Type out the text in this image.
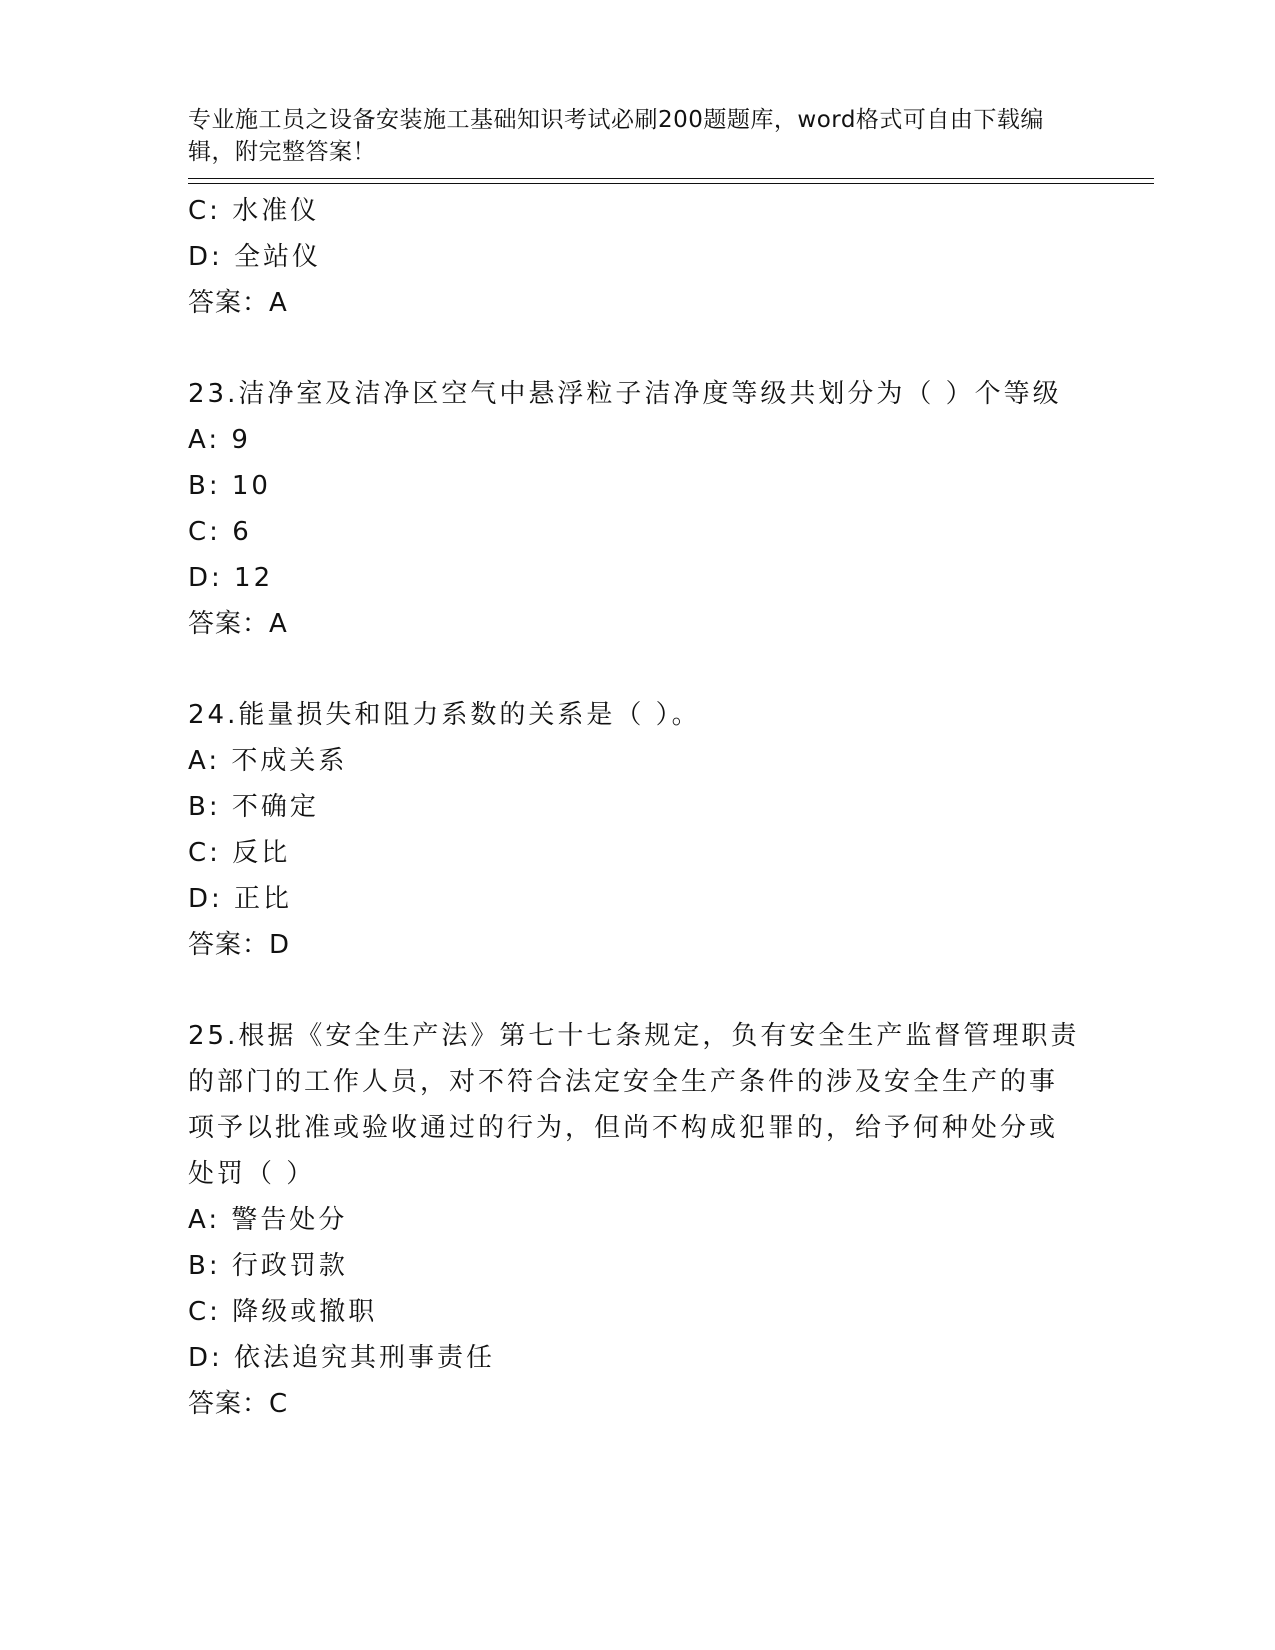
专业施工员之设备安装施工基础知识考试必刷200题题库，word格式可自由下载编辑，附完整答案！

C: 水准仪
D: 全站仪
答案：A
23.洁净室及洁净区空气中悬浮粒子洁净度等级共划分为（ ）个等级
A: 9
B: 10
C: 6
D: 12
答案：A
24.能量损失和阻力系数的关系是（ ）。
A: 不成关系
B: 不确定
C: 反比
D: 正比
答案：D
25.根据《安全生产法》第七十七条规定，负有安全生产监督管理职责
的部门的工作人员，对不符合法定安全生产条件的涉及安全生产的事
项予以批准或验收通过的行为，但尚不构成犯罪的，给予何种处分或
处罚（ ）
A: 警告处分
B: 行政罚款
C: 降级或撤职
D: 依法追究其刑事责任
答案：C
